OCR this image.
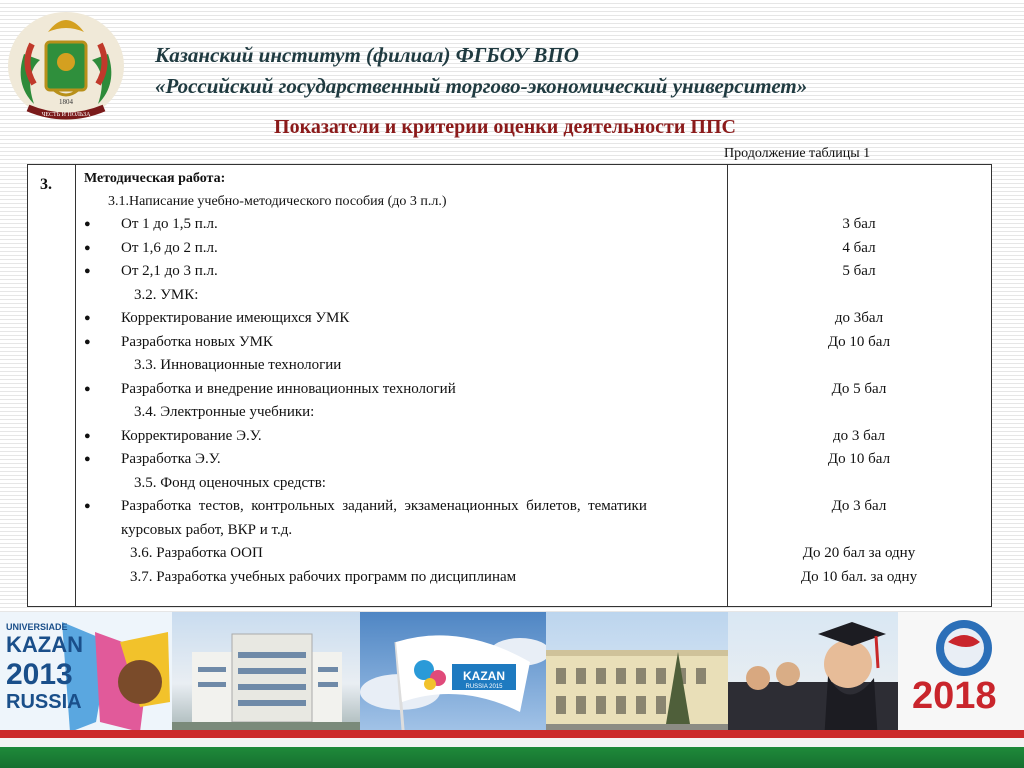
1804
ЧЕСТЬ И ПОЛЬЗА
Казанский институт (филиал) ФГБОУ ВПО
«Российский государственный торгово-экономический университет»
Показатели и критерии оценки деятельности ППС
Продолжение таблицы 1
3. Методическая работа:
3.1.Написание учебно-методического пособия (до 3 п.л.)
● От 1 до 1,5 п.л.	3 бал
● От 1,6 до 2 п.л.	4 бал
● От 2,1 до 3 п.л.	5 бал
3.2. УМК:
● Корректирование имеющихся УМК	до 3бал
● Разработка новых УМК	До 10 бал
3.3. Инновационные технологии
● Разработка и внедрение инновационных технологий	До 5 бал
3.4. Электронные учебники:
● Корректирование Э.У.	до 3 бал
● Разработка Э.У.	До 10 бал
3.5. Фонд оценочных средств:
● Разработка  тестов,  контрольных  заданий,  экзаменационных  билетов,  тематики	До 3 бал
курсовых работ, ВКР и т.д.
3.6. Разработка ООП	До 20 бал за одну
3.7. Разработка учебных рабочих программ по дисциплинам	До 10 бал. за одну
UNIVERSIADE
KAZAN
2013
RUSSIA
KAZAN
RUSSIA 2015	2018
